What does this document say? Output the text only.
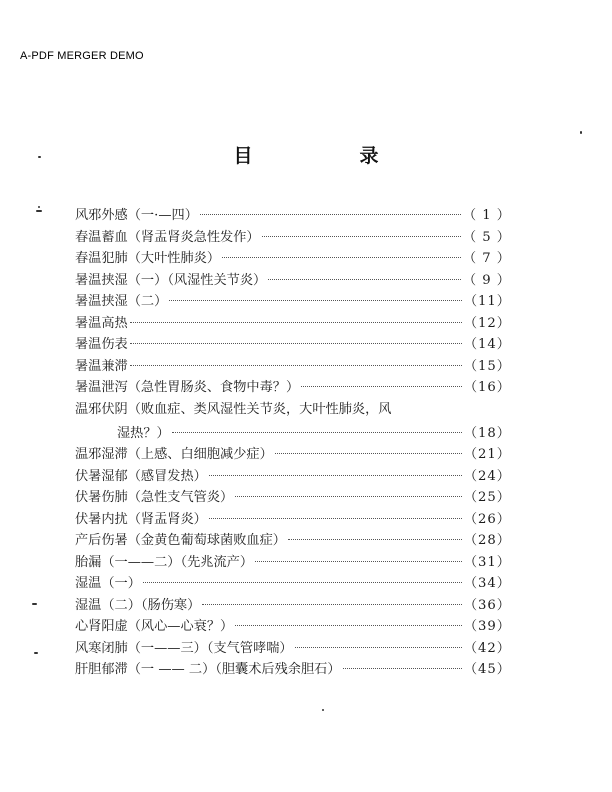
A-PDF MERGER DEMO
目　录
风邪外感（一·—四）	（ 1 ）
春温蓄血（肾盂肾炎急性发作）	（ 5 ）
春温犯肺（大叶性肺炎）	（ 7 ）
暑温挟湿（一）（风湿性关节炎）	（ 9 ）
暑温挟湿（二）	（11）
暑温高热	（12）
暑温伤表	（14）
暑温兼滞	（15）
暑温泄泻（急性胃肠炎、食物中毒？）	（16）
温邪伏阴（败血症、类风湿性关节炎，大叶性肺炎，风
湿热？）	（18）
温邪湿滞（上感、白细胞减少症）	（21）
伏暑湿郁（感冒发热）	（24）
伏暑伤肺（急性支气管炎）	（25）
伏暑内扰（肾盂肾炎）	（26）
产后伤暑（金黄色葡萄球菌败血症）	（28）
胎漏（一——二）（先兆流产）	（31）
湿温（一）	（34）
湿温（二）（肠伤寒）	（36）
心肾阳虚（风心—心衰？）	（39）
风寒闭肺（一——三）（支气管哮喘）	（42）
肝胆郁滞（一 —— 二）（胆囊术后残余胆石）	（45）
